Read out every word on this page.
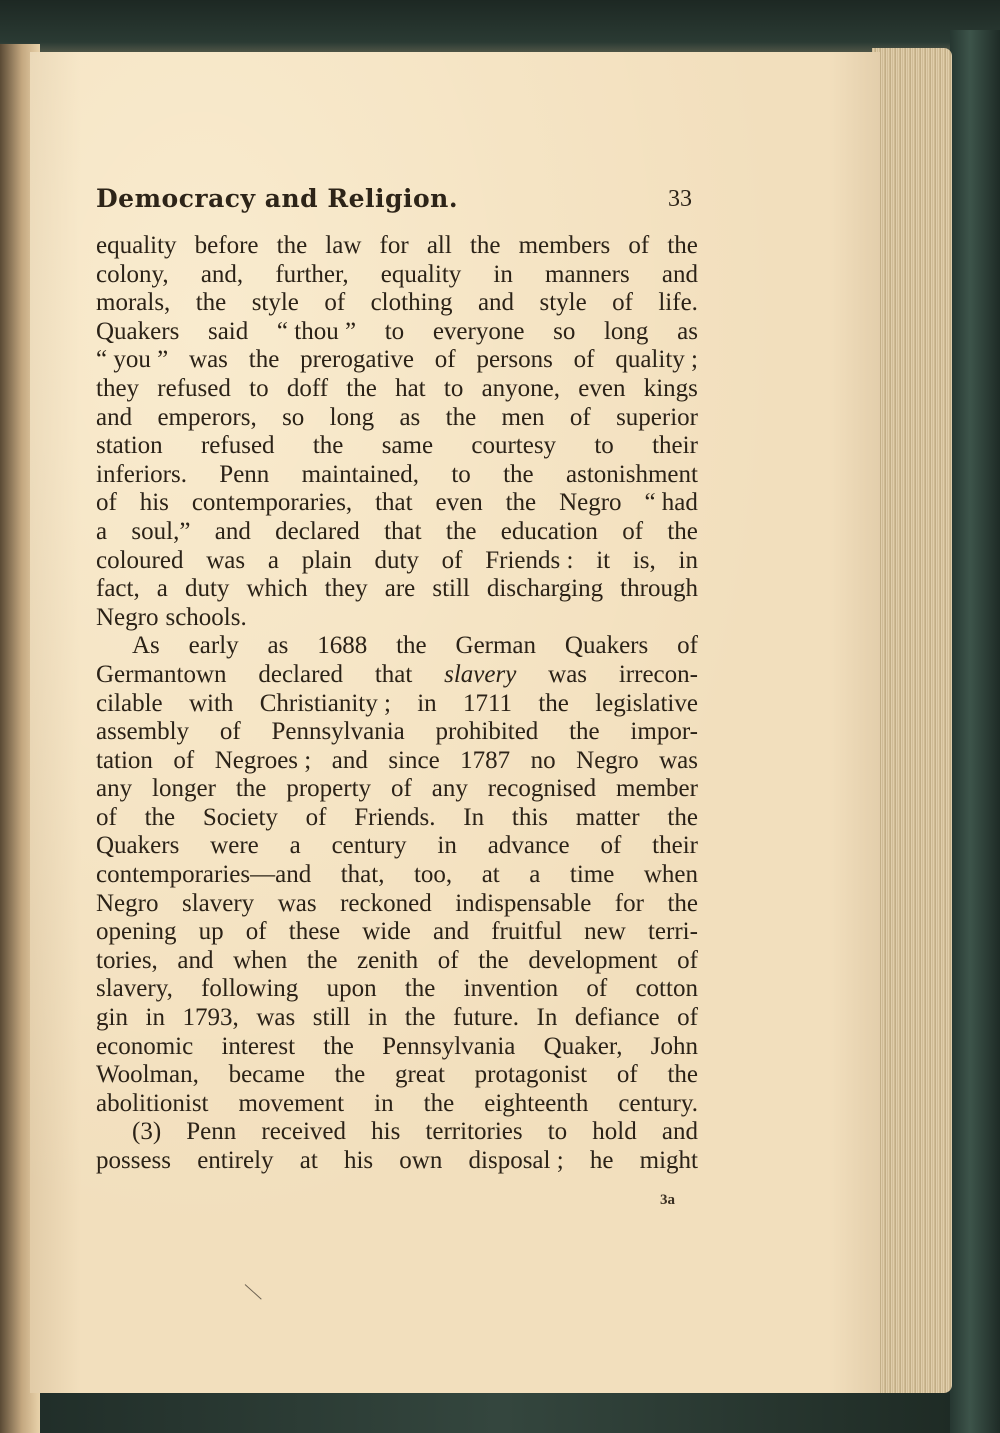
Democracy and Religion.	33
equality before the law for all the members of the
colony, and, further, equality in manners and
morals, the style of clothing and style of life.
Quakers said “ thou ” to everyone so long as
“ you ” was the prerogative of persons of quality ;
they refused to doff the hat to anyone, even kings
and emperors, so long as the men of superior
station refused the same courtesy to their
inferiors. Penn maintained, to the astonishment
of his contemporaries, that even the Negro “ had
a soul,” and declared that the education of the
coloured was a plain duty of Friends : it is, in
fact, a duty which they are still discharging through
Negro schools.
As early as 1688 the German Quakers of
Germantown declared that slavery was irrecon-
cilable with Christianity ; in 1711 the legislative
assembly of Pennsylvania prohibited the impor-
tation of Negroes ; and since 1787 no Negro was
any longer the property of any recognised member
of the Society of Friends. In this matter the
Quakers were a century in advance of their
contemporaries—and that, too, at a time when
Negro slavery was reckoned indispensable for the
opening up of these wide and fruitful new terri-
tories, and when the zenith of the development of
slavery, following upon the invention of cotton
gin in 1793, was still in the future. In defiance of
economic interest the Pennsylvania Quaker, John
Woolman, became the great protagonist of the
abolitionist movement in the eighteenth century.
(3) Penn received his territories to hold and
possess entirely at his own disposal ; he might
3a
